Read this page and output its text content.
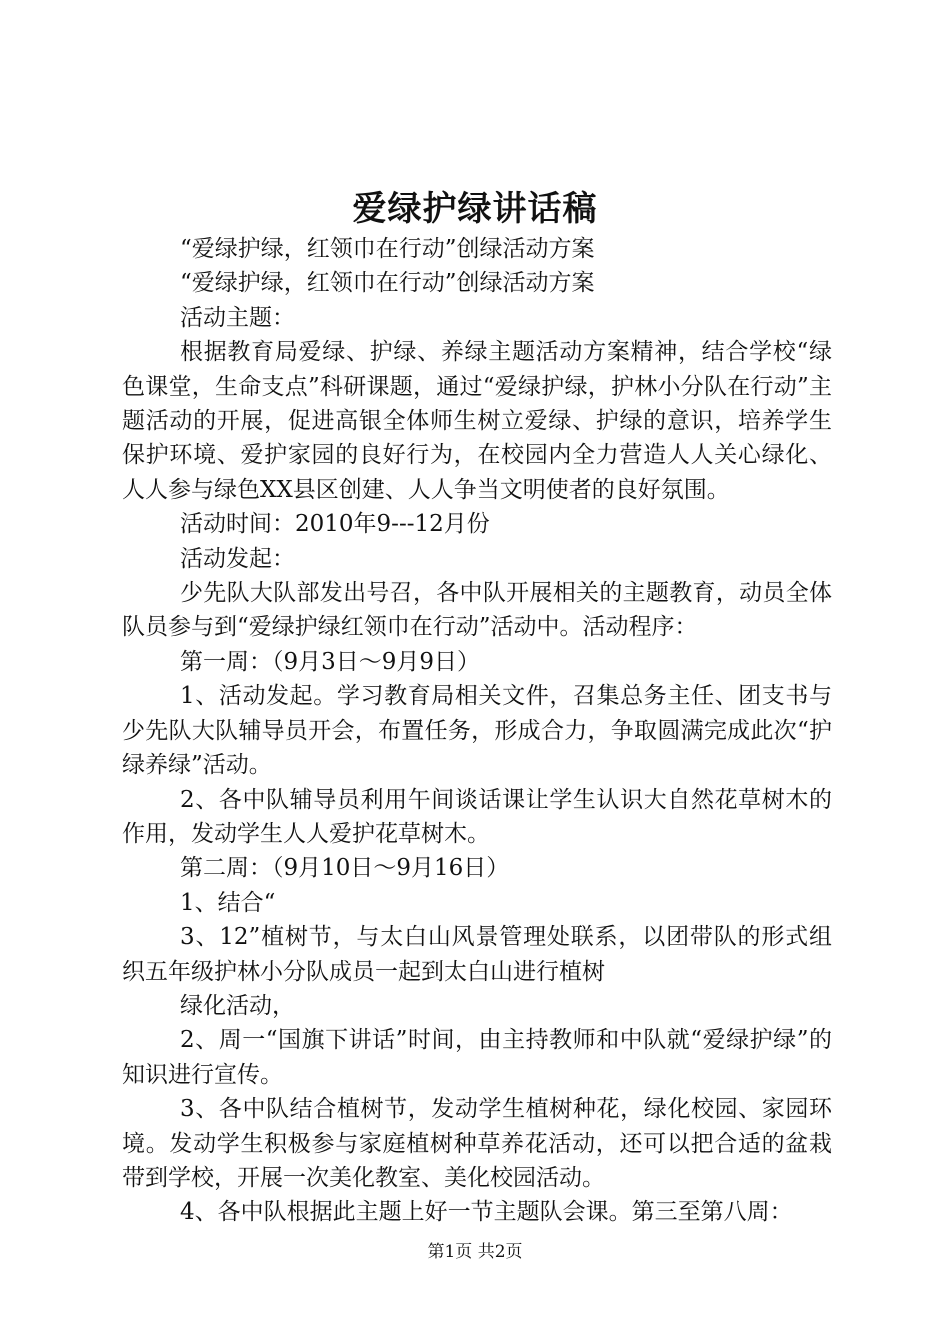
爱绿护绿讲话稿

“爱绿护绿，红领巾在行动”创绿活动方案

“爱绿护绿，红领巾在行动”创绿活动方案

活动主题：

根据教育局爱绿、护绿、养绿主题活动方案精神，结合学校“绿色课堂，生命支点”科研课题，通过“爱绿护绿，护林小分队在行动”主题活动的开展，促进高银全体师生树立爱绿、护绿的意识，培养学生保护环境、爱护家园的良好行为，在校园内全力营造人人关心绿化、人人参与绿色XX县区创建、人人争当文明使者的良好氛围。

活动时间：2010年9---12月份

活动发起：

少先队大队部发出号召，各中队开展相关的主题教育，动员全体队员参与到“爱绿护绿红领巾在行动”活动中。活动程序：

第一周：（9月3日～9月9日）

1、活动发起。学习教育局相关文件，召集总务主任、团支书与少先队大队辅导员开会，布置任务，形成合力，争取圆满完成此次“护绿养绿”活动。

2、各中队辅导员利用午间谈话课让学生认识大自然花草树木的作用，发动学生人人爱护花草树木。

第二周：（9月10日～9月16日）

1、结合“

3、12”植树节，与太白山风景管理处联系，以团带队的形式组织五年级护林小分队成员一起到太白山进行植树

绿化活动，

2、周一“国旗下讲话”时间，由主持教师和中队就“爱绿护绿”的知识进行宣传。

3、各中队结合植树节，发动学生植树种花，绿化校园、家园环境。发动学生积极参与家庭植树种草养花活动，还可以把合适的盆栽带到学校，开展一次美化教室、美化校园活动。

4、各中队根据此主题上好一节主题队会课。第三至第八周：

第1页 共2页
